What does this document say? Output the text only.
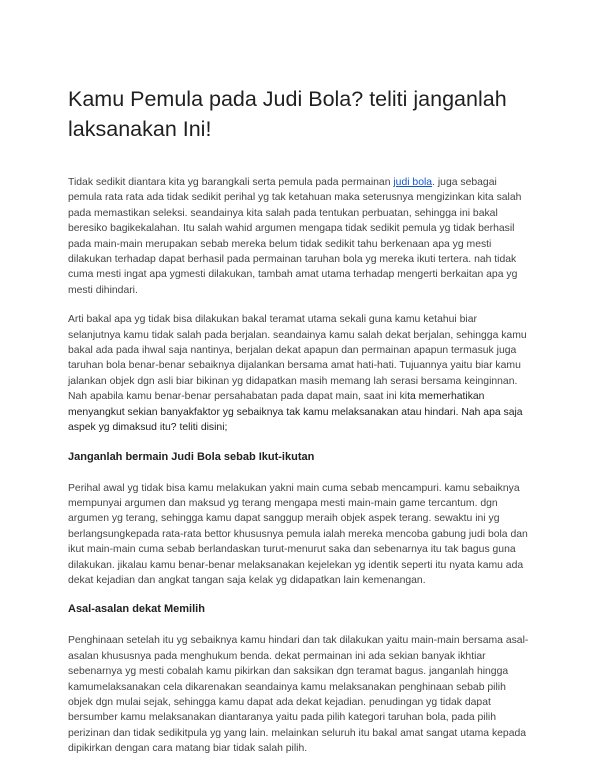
Kamu Pemula pada Judi Bola? teliti janganlah laksanakan Ini!

Tidak sedikit diantara kita yg barangkali serta pemula pada permainan judi bola. juga sebagai pemula rata rata ada tidak sedikit perihal yg tak ketahuan maka seterusnya mengizinkan kita salah pada memastikan seleksi. seandainya kita salah pada tentukan perbuatan, sehingga ini bakal beresiko bagikekalahan. Itu salah wahid argumen mengapa tidak sedikit pemula yg tidak berhasil pada main-main merupakan sebab mereka belum tidak sedikit tahu berkenaan apa yg mesti dilakukan terhadap dapat berhasil pada permainan taruhan bola yg mereka ikuti tertera. nah tidak cuma mesti ingat apa ygmesti dilakukan, tambah amat utama terhadap mengerti berkaitan apa yg mesti dihindari.

Arti bakal apa yg tidak bisa dilakukan bakal teramat utama sekali guna kamu ketahui biar selanjutnya kamu tidak salah pada berjalan. seandainya kamu salah dekat berjalan, sehingga kamu bakal ada pada ihwal saja nantinya, berjalan dekat apapun dan permainan apapun termasuk juga taruhan bola benar-benar sebaiknya dijalankan bersama amat hati-hati. Tujuannya yaitu biar kamu jalankan objek dgn asli biar bikinan yg didapatkan masih memang lah serasi bersama keinginnan. Nah apabila kamu benar-benar persahabatan pada dapat main, saat ini kita memerhatikan menyangkut sekian banyakfaktor yg sebaiknya tak kamu melaksanakan atau hindari. Nah apa saja aspek yg dimaksud itu? teliti disini;

Janganlah bermain Judi Bola sebab Ikut-ikutan

Perihal awal yg tidak bisa kamu melakukan yakni main cuma sebab mencampuri. kamu sebaiknya mempunyai argumen dan maksud yg terang mengapa mesti main-main game tercantum. dgn argumen yg terang, sehingga kamu dapat sanggup meraih objek aspek terang. sewaktu ini yg berlangsungkepada rata-rata bettor khususnya pemula ialah mereka mencoba gabung judi bola dan ikut main-main cuma sebab berlandaskan turut-menurut saka dan sebenarnya itu tak bagus guna dilakukan. jikalau kamu benar-benar melaksanakan kejelekan yg identik seperti itu nyata kamu ada dekat kejadian dan angkat tangan saja kelak yg didapatkan lain kemenangan.

Asal-asalan dekat Memilih

Penghinaan setelah itu yg sebaiknya kamu hindari dan tak dilakukan yaitu main-main bersama asal-asalan khususnya pada menghukum benda. dekat permainan ini ada sekian banyak ikhtiar sebenarnya yg mesti cobalah kamu pikirkan dan saksikan dgn teramat bagus. janganlah hingga kamumelaksanakan cela dikarenakan seandainya kamu melaksanakan penghinaan sebab pilih objek dgn mulai sejak, sehingga kamu dapat ada dekat kejadian. penudingan yg tidak dapat bersumber kamu melaksanakan diantaranya yaitu pada pilih kategori taruhan bola, pada pilih perizinan dan tidak sedikitpula yg yang lain. melainkan seluruh itu bakal amat sangat utama kepada dipikirkan dengan cara matang biar tidak salah pilih.
